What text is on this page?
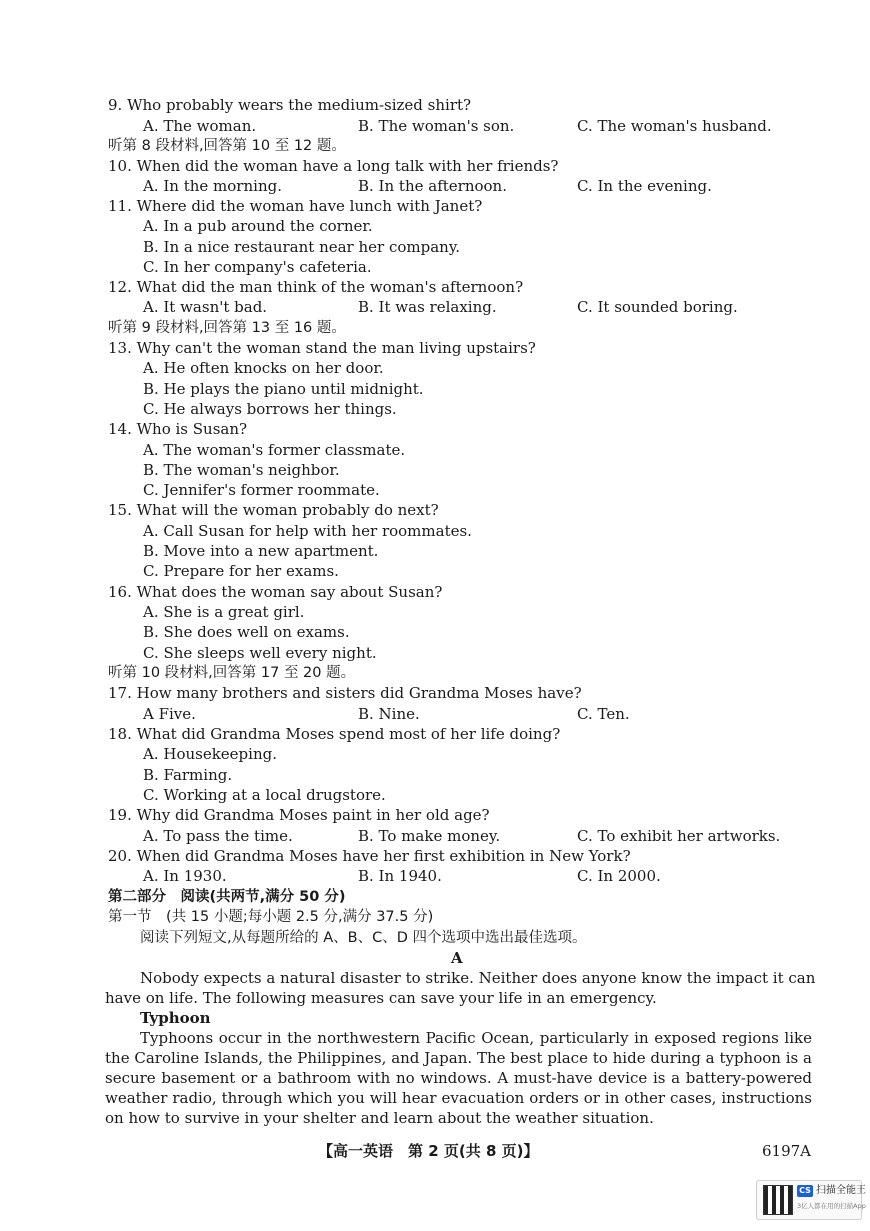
9. Who probably wears the medium-sized shirt?
A. The woman.	B. The woman's son.	C. The woman's husband.
听第 8 段材料,回答第 10 至 12 题。
10. When did the woman have a long talk with her friends?
A. In the morning.	B. In the afternoon.	C. In the evening.
11. Where did the woman have lunch with Janet?
A. In a pub around the corner.
B. In a nice restaurant near her company.
C. In her company's cafeteria.
12. What did the man think of the woman's afternoon?
A. It wasn't bad.	B. It was relaxing.	C. It sounded boring.
听第 9 段材料,回答第 13 至 16 题。
13. Why can't the woman stand the man living upstairs?
A. He often knocks on her door.
B. He plays the piano until midnight.
C. He always borrows her things.
14. Who is Susan?
A. The woman's former classmate.
B. The woman's neighbor.
C. Jennifer's former roommate.
15. What will the woman probably do next?
A. Call Susan for help with her roommates.
B. Move into a new apartment.
C. Prepare for her exams.
16. What does the woman say about Susan?
A. She is a great girl.
B. She does well on exams.
C. She sleeps well every night.
听第 10 段材料,回答第 17 至 20 题。
17. How many brothers and sisters did Grandma Moses have?
A Five.	B. Nine.	C. Ten.
18. What did Grandma Moses spend most of her life doing?
A. Housekeeping.
B. Farming.
C. Working at a local drugstore.
19. Why did Grandma Moses paint in her old age?
A. To pass the time.	B. To make money.	C. To exhibit her artworks.
20. When did Grandma Moses have her first exhibition in New York?
A. In 1930.	B. In 1940.	C. In 2000.
第二部分　阅读(共两节,满分 50 分)
第一节　(共 15 小题;每小题 2.5 分,满分 37.5 分)
阅读下列短文,从每题所给的 A、B、C、D 四个选项中选出最佳选项。
A
Nobody expects a natural disaster to strike. Neither does anyone know the impact it can
have on life. The following measures can save your life in an emergency.
Typhoon
Typhoons occur in the northwestern Pacific Ocean, particularly in exposed regions like
the Caroline Islands, the Philippines, and Japan. The best place to hide during a typhoon is a
secure basement or a bathroom with no windows. A must-have device is a battery-powered
weather radio, through which you will hear evacuation orders or in other cases, instructions
on how to survive in your shelter and learn about the weather situation.
【高一英语　第 2 页(共 8 页)】	6197A
CS 扫描全能王
3亿人都在用的扫描App
